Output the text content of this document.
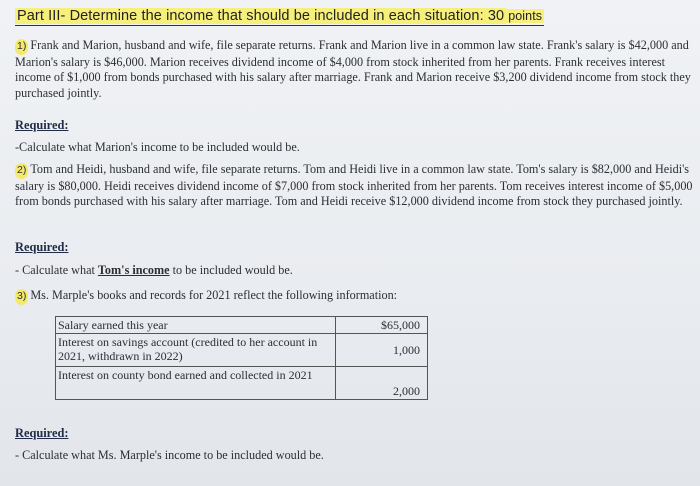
Part III- Determine the income that should be included in each situation: 30 points
1) Frank and Marion, husband and wife, file separate returns. Frank and Marion live in a common law state. Frank's salary is $42,000 and Marion's salary is $46,000. Marion receives dividend income of $4,000 from stock inherited from her parents. Frank receives interest income of $1,000 from bonds purchased with his salary after marriage. Frank and Marion receive $3,200 dividend income from stock they purchased jointly.
Required:
-Calculate what Marion's income to be included would be.
2) Tom and Heidi, husband and wife, file separate returns. Tom and Heidi live in a common law state. Tom's salary is $82,000 and Heidi's salary is $80,000. Heidi receives dividend income of $7,000 from stock inherited from her parents. Tom receives interest income of $5,000 from bonds purchased with his salary after marriage. Tom and Heidi receive $12,000 dividend income from stock they purchased jointly.
Required:
- Calculate what Tom's income to be included would be.
3) Ms. Marple's books and records for 2021 reflect the following information:
Salary earned this year	$65,000
Interest on savings account (credited to her account in 2021, withdrawn in 2022)	1,000
Interest on county bond earned and collected in 2021	2,000
Required:
- Calculate what Ms. Marple's income to be included would be.
